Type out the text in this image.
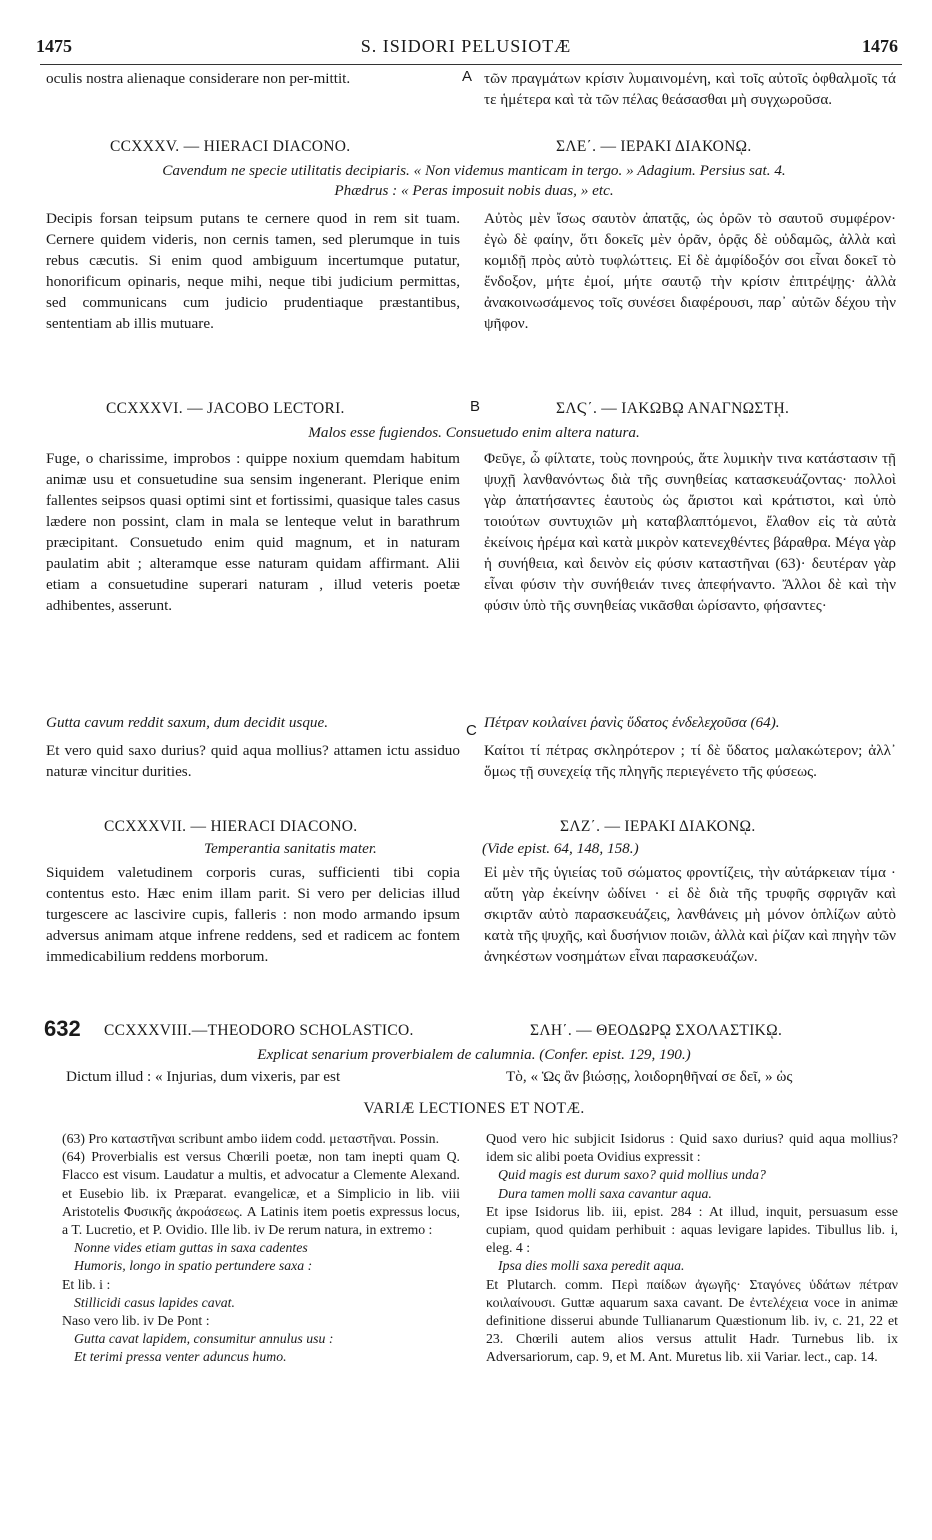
1475	S. ISIDORI PELUSIOTÆ	1476
oculis nostra alienaque considerare non per-mittit.	A τῶν πραγμάτων κρίσιν λυμαινομένη, καὶ τοῖς αὐτοῖς ὀφθαλμοῖς τά τε ἡμέτερα καὶ τὰ τῶν πέλας θεάσασθαι μὴ συγχωροῦσα.
CCXXXV. — HIERACI DIACONO.	ΣΛΕ΄. — ΙΕΡΑΚΙ ΔΙΑΚΟΝῼ.
Cavendum ne specie utilitatis decipiaris. « Non videmus manticam in tergo. » Adagium. Persius sat. 4.
Phædrus : « Peras imposuit nobis duas, » etc.
Decipis forsan teipsum putans te cernere quod in rem sit tuam. Cernere quidem videris, non cernis tamen, sed plerumque in tuis rebus cæcutis. Si enim quod ambiguum incertumque putatur, honorificum opinaris, neque mihi, neque tibi judicium permittas, sed communicans cum judicio prudentiaque præstantibus, sententiam ab illis mutuare.
Αὐτὸς μὲν ἴσως σαυτὸν ἀπατᾷς, ὡς ὁρῶν τὸ σαυτοῦ συμφέρον· ἐγὼ δὲ φαίην, ὅτι δοκεῖς μὲν ὁρᾶν, ὁρᾷς δὲ οὐδαμῶς, ἀλλὰ καὶ κομιδῇ πρὸς αὐτὸ τυφλώττεις. Εἰ δὲ ἀμφίδοξόν σοι εἶναι δοκεῖ τὸ ἔνδοξον, μήτε ἐμοί, μήτε σαυτῷ τὴν κρίσιν ἐπιτρέψῃς· ἀλλὰ ἀνακοινωσάμενος τοῖς συνέσει διαφέρουσι, παρ᾽ αὐτῶν δέχου τὴν ψῆφον.
CCXXXVI. — JACOBO LECTORI.	B	ΣΛϚ΄. — ΙΑΚΩΒῼ ΑΝΑΓΝΩΣΤῌ.
Malos esse fugiendos. Consuetudo enim altera natura.
Fuge, o charissime, improbos : quippe noxium quemdam habitum animæ usu et consuetudine sua sensim ingenerant. Plerique enim fallentes seipsos quasi optimi sint et fortissimi, quasique tales casus lædere non possint, clam in mala se lenteque velut in barathrum præcipitant. Consuetudo enim quid magnum, et in naturam paulatim abit ; alteramque esse naturam quidam affirmant. Alii etiam a consuetudine superari naturam , illud veteris poetæ adhibentes, asserunt.
Φεῦγε, ὦ φίλτατε, τοὺς πονηρούς, ἅτε λυμικὴν τινα κατάστασιν τῇ ψυχῇ λανθανόντως διὰ τῆς συνηθείας κατασκευάζοντας· πολλοὶ γὰρ ἀπατήσαντες ἑαυτοὺς ὡς ἄριστοι καὶ κράτιστοι, καὶ ὑπὸ τοιούτων συντυχιῶν μὴ καταβλαπτόμενοι, ἔλαθον εἰς τὰ αὐτὰ ἐκείνοις ἠρέμα καὶ κατὰ μικρὸν κατενεχθέντες βάραθρα. Μέγα γὰρ ἡ συνήθεια, καὶ δεινὸν εἰς φύσιν καταστῆναι (63)· δευτέραν γὰρ εἶναι φύσιν τὴν συνήθειάν τινες ἀπεφήναντο. Ἄλλοι δὲ καὶ τὴν φύσιν ὑπὸ τῆς συνηθείας νικᾶσθαι ὡρίσαντο, φήσαντες·
Gutta cavum reddit saxum, dum decidit usque.	C Πέτραν κοιλαίνει ῥανὶς ὕδατος ἐνδελεχοῦσα (64).
Et vero quid saxo durius? quid aqua mollius? attamen ictu assiduo naturæ vincitur durities.
Καίτοι τί πέτρας σκληρότερον ; τί δὲ ὕδατος μαλακώτερον; ἀλλ᾽ ὅμως τῇ συνεχείᾳ τῆς πληγῆς περιεγένετο τῆς φύσεως.
CCXXXVII. — HIERACI DIACONO.	ΣΛΖ΄. — ΙΕΡΑΚΙ ΔΙΑΚΟΝῼ.
Temperantia sanitatis mater.	(Vide epist. 64, 148, 158.)
Siquidem valetudinem corporis curas, sufficienti tibi copia contentus esto. Hæc enim illam parit. Si vero per delicias illud turgescere ac lascivire cupis, falleris : non modo armando ipsum adversus animam atque infrene reddens, sed et radicem ac fontem immedicabilium reddens morborum.
Εἰ μὲν τῆς ὑγιείας τοῦ σώματος φροντίζεις, τὴν αὐτάρκειαν τίμα · αὕτη γὰρ ἐκείνην ὠδίνει · εἰ δὲ διὰ τῆς τρυφῆς σφριγᾶν καὶ σκιρτᾶν αὐτὸ παρασκευάζεις, λανθάνεις μὴ μόνον ὁπλίζων αὐτὸ κατὰ τῆς ψυχῆς, καὶ δυσήνιον ποιῶν, ἀλλὰ καὶ ῥίζαν καὶ πηγὴν τῶν ἀνηκέστων νοσημάτων εἶναι παρασκευάζων.
632 CCXXXVIII.—THEODORO SCHOLASTICO.	ΣΛΗ΄. — ΘΕΟΔΩΡῼ ΣΧΟΛΑΣΤΙΚῼ.
Explicat senarium proverbialem de calumnia. (Confer. epist. 129, 190.)
Dictum illud : « Injurias, dum vixeris, par est	Τὸ, « Ὡς ἂν βιώσῃς, λοιδορηθῆναί σε δεῖ, » ὡς
VARIÆ LECTIONES ET NOTÆ.

(63) Pro καταστῆναι scribunt ambo iidem codd. μεταστῆναι. Possin.

(64) Proverbialis est versus Chœrili poetæ, non tam inepti quam Q. Flacco est visum. Laudatur a multis, et advocatur a Clemente Alexand. et Eusebio lib. ix Præparat. evangelicæ, et a Simplicio in lib. viii Aristotelis Φυσικῆς ἀκροάσεως. A Latinis item poetis expressus locus, a T. Lucretio, et P. Ovidio. Ille lib. iv De rerum natura, in extremo :

Nonne vides etiam guttas in saxa cadentes

Humoris, longo in spatio pertundere saxa :

Et lib. i :

Stillicidi casus lapides cavat.

Naso vero lib. iv De Pont :

Gutta cavat lapidem, consumitur annulus usu :

Et terimi pressa venter aduncus humo.

Quod vero hic subjicit Isidorus : Quid saxo durius? quid aqua mollius? idem sic alibi poeta Ovidius expressit :

Quid magis est durum saxo? quid mollius unda?

Dura tamen molli saxa cavantur aqua.

Et ipse Isidorus lib. iii, epist. 284 : At illud, inquit, persuasum esse cupiam, quod quidam perhibuit : aquas levigare lapides. Tibullus lib. i, eleg. 4 :

Ipsa dies molli saxa peredit aqua.

Et Plutarch. comm. Περὶ παίδων ἀγωγῆς· Σταγόνες ὑδάτων πέτραν κοιλαίνουσι. Guttæ aquarum saxa cavant. De ἐντελέχεια voce in animæ definitione disserui abunde Tullianarum Quæstionum lib. iv, c. 21, 22 et 23. Chœrili autem alios versus attulit Hadr. Turnebus lib. ix Adversariorum, cap. 9, et M. Ant. Muretus lib. xii Variar. lect., cap. 14.
